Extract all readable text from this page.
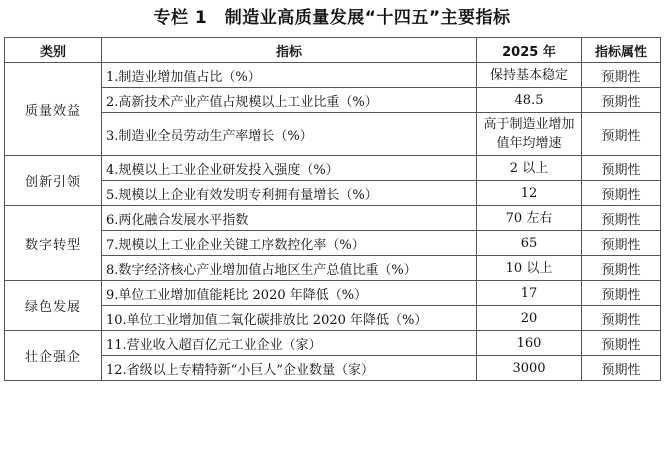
专栏 1　制造业高质量发展“十四五”主要指标
类别	指标	2025 年	指标属性
质量效益	1.制造业增加值占比（%）	保持基本稳定	预期性
	2.高新技术产业产值占规模以上工业比重（%）	48.5	预期性
	3.制造业全员劳动生产率增长（%）	高于制造业增加值年均增速	预期性
创新引领	4.规模以上工业企业研发投入强度（%）	2 以上	预期性
	5.规模以上企业有效发明专利拥有量增长（%）	12	预期性
数字转型	6.两化融合发展水平指数	70 左右	预期性
	7.规模以上工业企业关键工序数控化率（%）	65	预期性
	8.数字经济核心产业增加值占地区生产总值比重（%）	10 以上	预期性
绿色发展	9.单位工业增加值能耗比 2020 年降低（%）	17	预期性
	10.单位工业增加值二氧化碳排放比 2020 年降低（%）	20	预期性
壮企强企	11.营业收入超百亿元工业企业（家）	160	预期性
	12.省级以上专精特新“小巨人”企业数量（家）	3000	预期性
